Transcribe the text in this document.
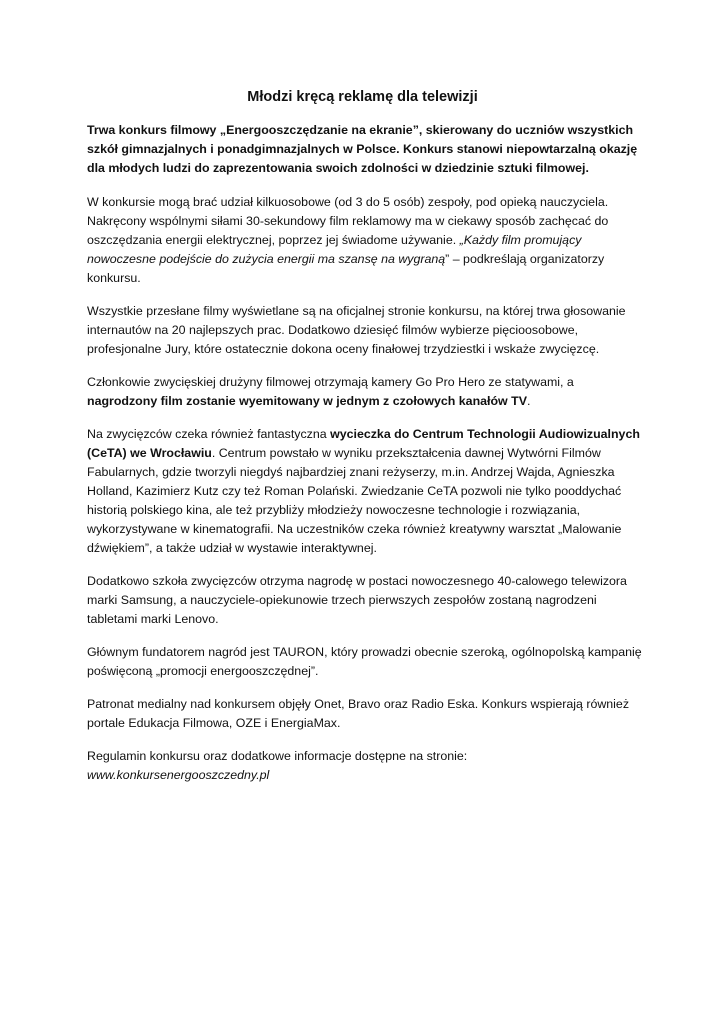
Młodzi kręcą reklamę dla telewizji

Trwa konkurs filmowy „Energooszczędzanie na ekranie”, skierowany do uczniów wszystkich szkół gimnazjalnych i ponadgimnazjalnych w Polsce. Konkurs stanowi niepowtarzalną okazję dla młodych ludzi do zaprezentowania swoich zdolności w dziedzinie sztuki filmowej.

W konkursie mogą brać udział kilkuosobowe (od 3 do 5 osób) zespoły, pod opieką nauczyciela. Nakręcony wspólnymi siłami 30-sekundowy film reklamowy ma w ciekawy sposób zachęcać do oszczędzania energii elektrycznej, poprzez jej świadome używanie. „Każdy film promujący nowoczesne podejście do zużycia energii ma szansę na wygraną” – podkreślają organizatorzy konkursu.

Wszystkie przesłane filmy wyświetlane są na oficjalnej stronie konkursu, na której trwa głosowanie internautów na 20 najlepszych prac. Dodatkowo dziesięć filmów wybierze pięcioosobowe, profesjonalne Jury, które ostatecznie dokona oceny finałowej trzydziestki i wskaże zwycięzcę.

Członkowie zwycięskiej drużyny filmowej otrzymają kamery Go Pro Hero ze statywami, a nagrodzony film zostanie wyemitowany w jednym z czołowych kanałów TV.

Na zwycięzców czeka również fantastyczna wycieczka do Centrum Technologii Audiowizualnych (CeTA) we Wrocławiu. Centrum powstało w wyniku przekształcenia dawnej Wytwórni Filmów Fabularnych, gdzie tworzyli niegdyś najbardziej znani reżyserzy, m.in. Andrzej Wajda, Agnieszka Holland, Kazimierz Kutz czy też Roman Polański. Zwiedzanie CeTA pozwoli nie tylko pooddychać historią polskiego kina, ale też przybliży młodzieży nowoczesne technologie i rozwiązania, wykorzystywane w kinematografii. Na uczestników czeka również kreatywny warsztat „Malowanie dźwiękiem”, a także udział w wystawie interaktywnej.

Dodatkowo szkoła zwycięzców otrzyma nagrodę w postaci nowoczesnego 40-calowego telewizora marki Samsung, a nauczyciele-opiekunowie trzech pierwszych zespołów zostaną nagrodzeni tabletami marki Lenovo.

Głównym fundatorem nagród jest TAURON, który prowadzi obecnie szeroką, ogólnopolską kampanię poświęconą „promocji energooszczędnej”.

Patronat medialny nad konkursem objęły Onet, Bravo oraz Radio Eska. Konkurs wspierają również portale Edukacja Filmowa, OZE i EnergiaMax.

Regulamin konkursu oraz dodatkowe informacje dostępne na stronie:
www.konkursenergooszczedny.pl
